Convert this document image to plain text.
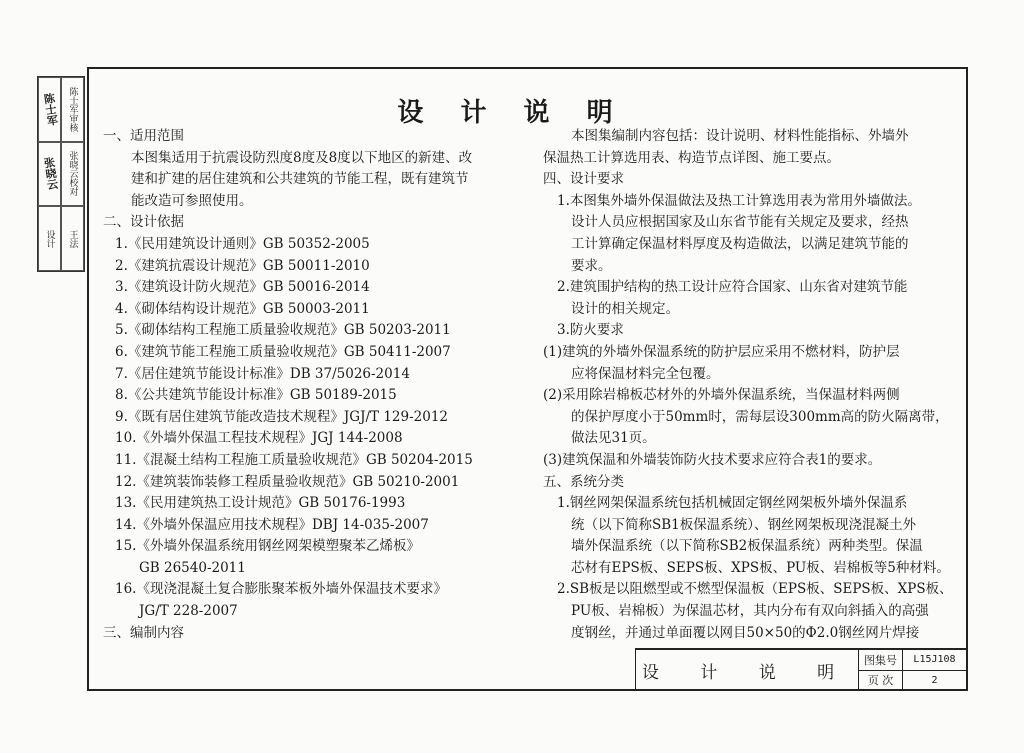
陈士军 陈士军
审核
张晓云 张晓云
校对
设计 王法
设 计 说 明
一、适用范围
本图集适用于抗震设防烈度8度及8度以下地区的新建、改
建和扩建的居住建筑和公共建筑的节能工程，既有建筑节
能改造可参照使用。
二、设计依据
1.《民用建筑设计通则》GB 50352-2005
2.《建筑抗震设计规范》GB 50011-2010
3.《建筑设计防火规范》GB 50016-2014
4.《砌体结构设计规范》GB 50003-2011
5.《砌体结构工程施工质量验收规范》GB 50203-2011
6.《建筑节能工程施工质量验收规范》GB 50411-2007
7.《居住建筑节能设计标准》DB 37/5026-2014
8.《公共建筑节能设计标准》GB 50189-2015
9.《既有居住建筑节能改造技术规程》JGJ/T 129-2012
10.《外墙外保温工程技术规程》JGJ 144-2008
11.《混凝土结构工程施工质量验收规范》GB 50204-2015
12.《建筑装饰装修工程质量验收规范》GB 50210-2001
13.《民用建筑热工设计规范》GB 50176-1993
14.《外墙外保温应用技术规程》DBJ 14-035-2007
15.《外墙外保温系统用钢丝网架模塑聚苯乙烯板》
GB 26540-2011
16.《现浇混凝土复合膨胀聚苯板外墙外保温技术要求》
JG/T 228-2007
三、编制内容
本图集编制内容包括：设计说明、材料性能指标、外墙外
保温热工计算选用表、构造节点详图、施工要点。
四、设计要求
1.本图集外墙外保温做法及热工计算选用表为常用外墙做法。
设计人员应根据国家及山东省节能有关规定及要求，经热
工计算确定保温材料厚度及构造做法，以满足建筑节能的
要求。
2.建筑围护结构的热工设计应符合国家、山东省对建筑节能
设计的相关规定。
3.防火要求
(1)建筑的外墙外保温系统的防护层应采用不燃材料，防护层
应将保温材料完全包覆。
(2)采用除岩棉板芯材外的外墙外保温系统，当保温材料两侧
的保护厚度小于50mm时，需每层设300mm高的防火隔离带，
做法见31页。
(3)建筑保温和外墙装饰防火技术要求应符合表1的要求。
五、系统分类
1.钢丝网架保温系统包括机械固定钢丝网架板外墙外保温系
统（以下简称SB1板保温系统）、钢丝网架板现浇混凝土外
墙外保温系统（以下简称SB2板保温系统）两种类型。保温
芯材有EPS板、SEPS板、XPS板、PU板、岩棉板等5种材料。
2.SB板是以阻燃型或不燃型保温板（EPS板、SEPS板、XPS板、
PU板、岩棉板）为保温芯材，其内分布有双向斜插入的高强
度钢丝，并通过单面覆以网目50×50的Φ2.0钢丝网片焊接
设 计 说 明
图集号	L15J108
页 次	2
